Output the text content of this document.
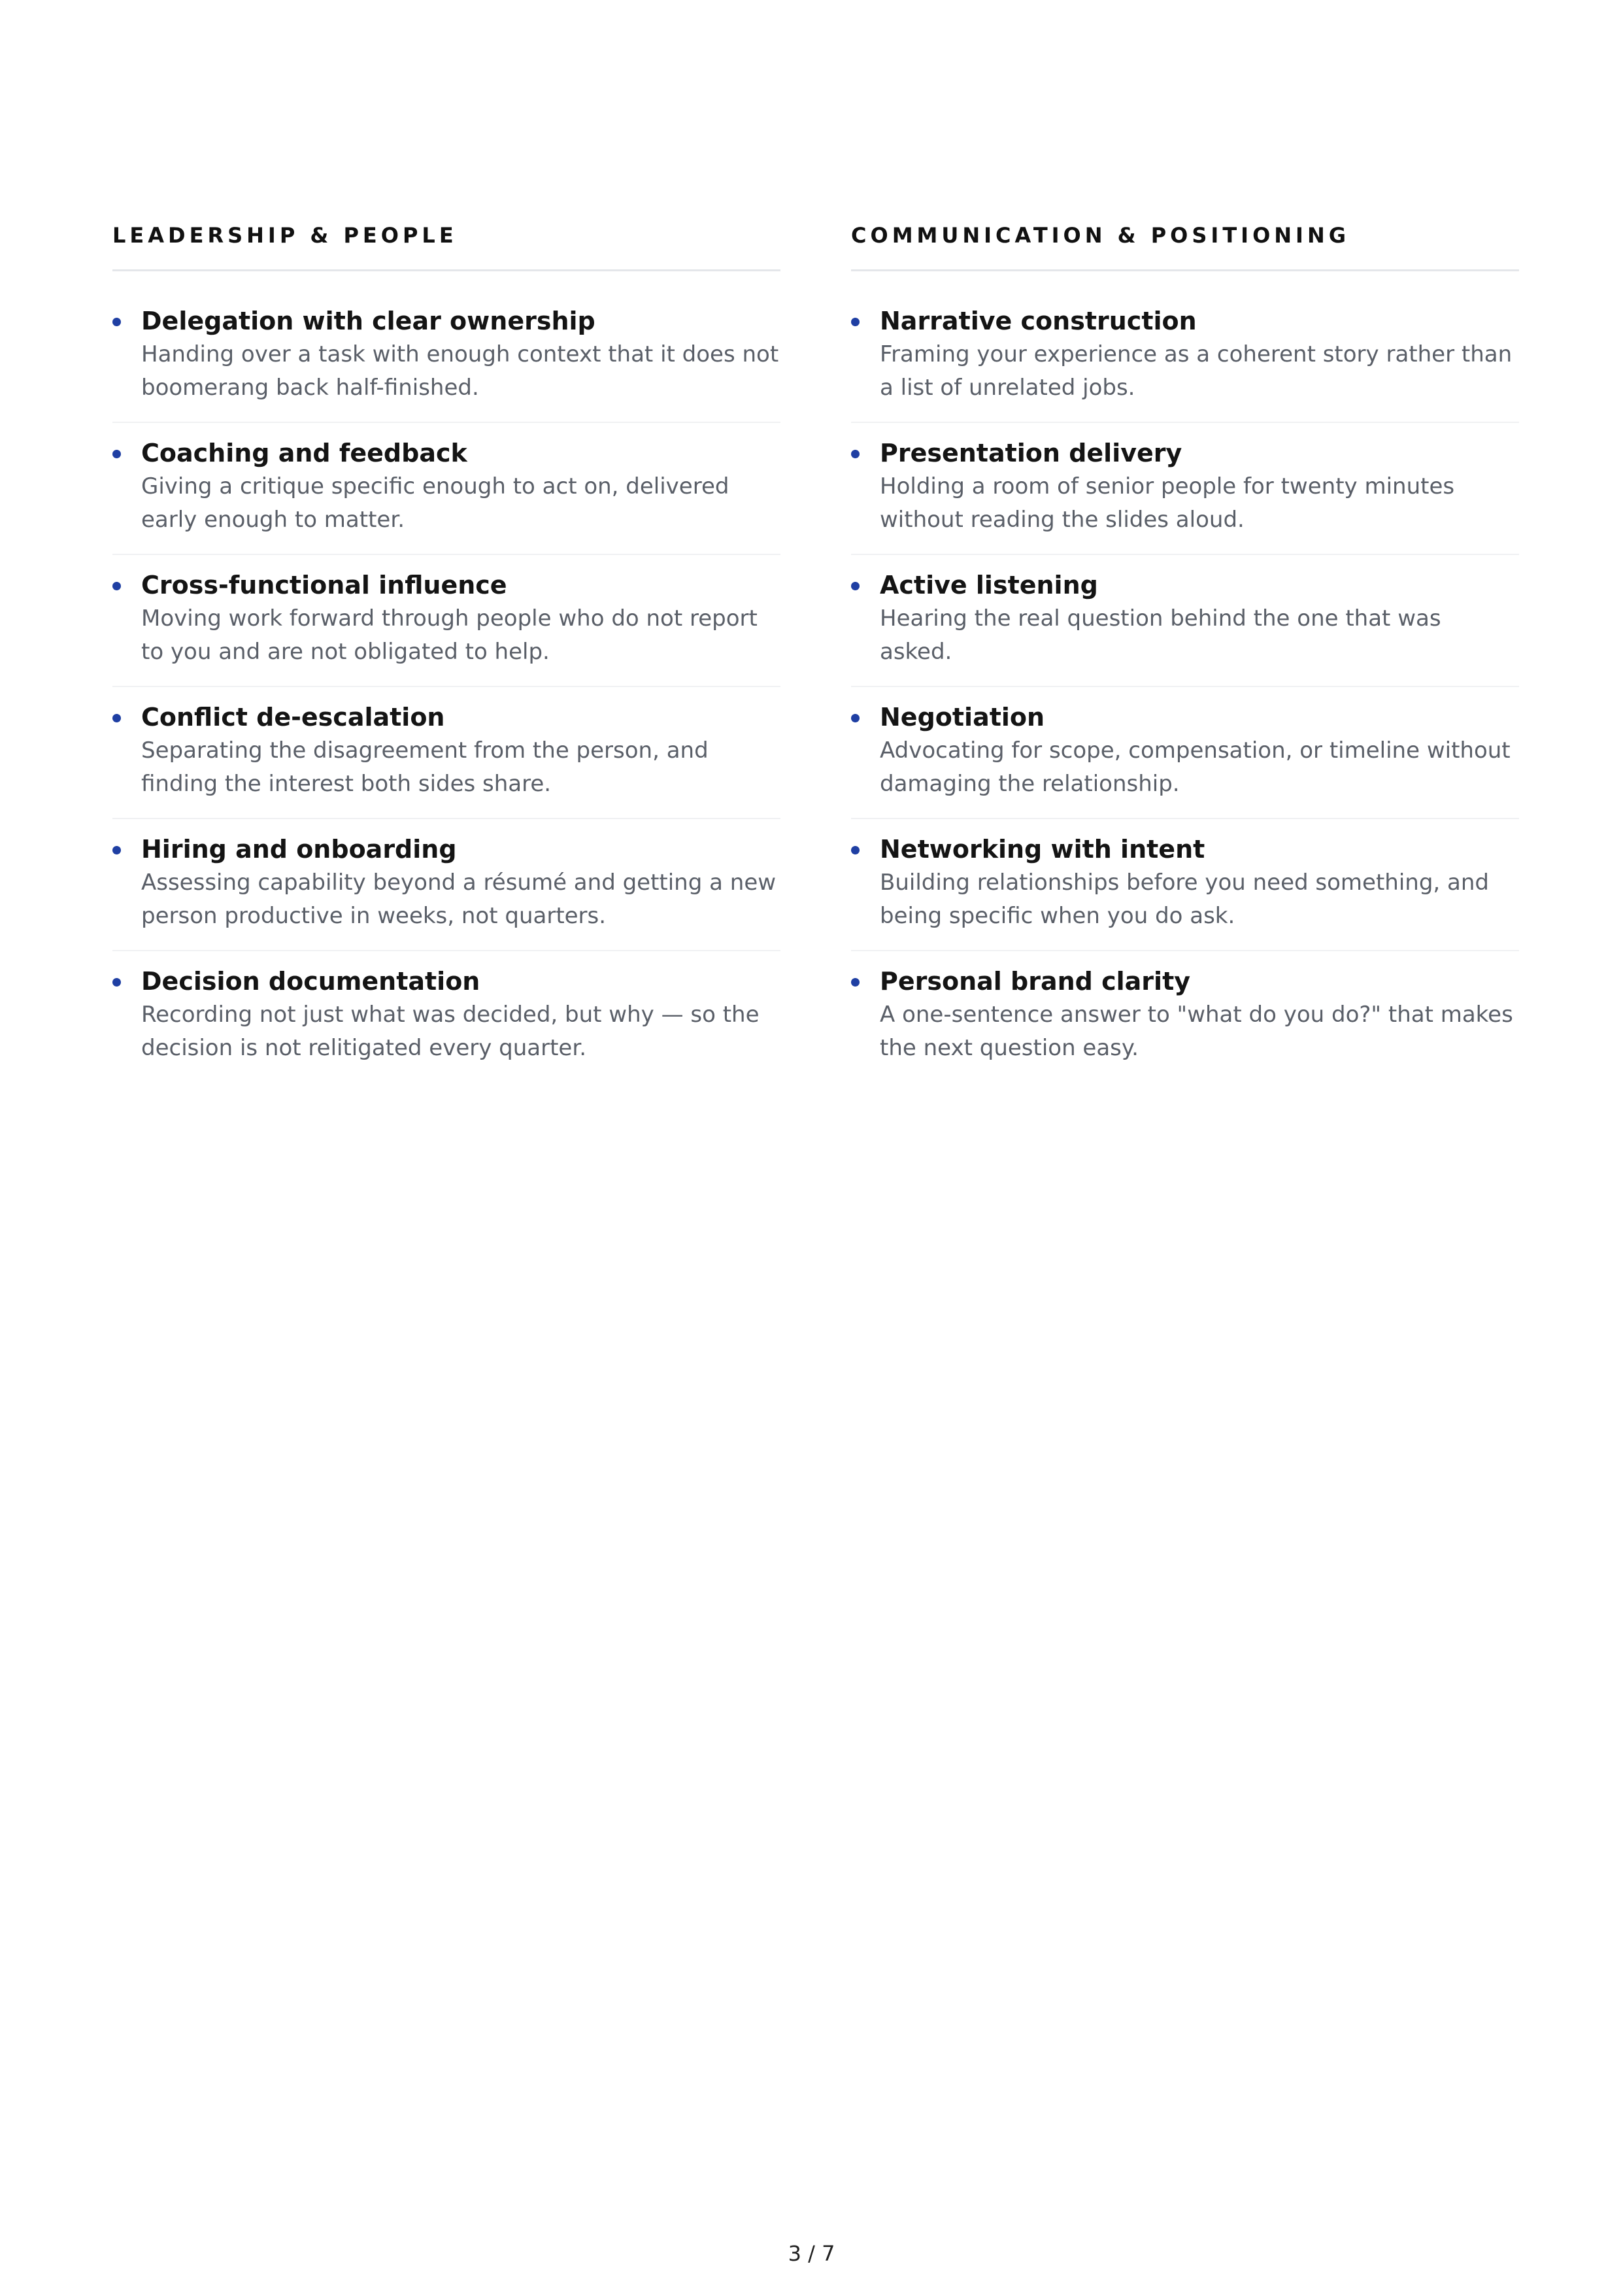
LEADERSHIP & PEOPLE
Delegation with clear ownership
Handing over a task with enough context that it does not boomerang back half-finished.
Coaching and feedback
Giving a critique specific enough to act on, delivered early enough to matter.
Cross-functional influence
Moving work forward through people who do not report to you and are not obligated to help.
Conflict de-escalation
Separating the disagreement from the person, and finding the interest both sides share.
Hiring and onboarding
Assessing capability beyond a résumé and getting a new person productive in weeks, not quarters.
Decision documentation
Recording not just what was decided, but why — so the decision is not relitigated every quarter.
COMMUNICATION & POSITIONING
Narrative construction
Framing your experience as a coherent story rather than a list of unrelated jobs.
Presentation delivery
Holding a room of senior people for twenty minutes without reading the slides aloud.
Active listening
Hearing the real question behind the one that was asked.
Negotiation
Advocating for scope, compensation, or timeline without damaging the relationship.
Networking with intent
Building relationships before you need something, and being specific when you do ask.
Personal brand clarity
A one-sentence answer to "what do you do?" that makes the next question easy.
3 / 7
